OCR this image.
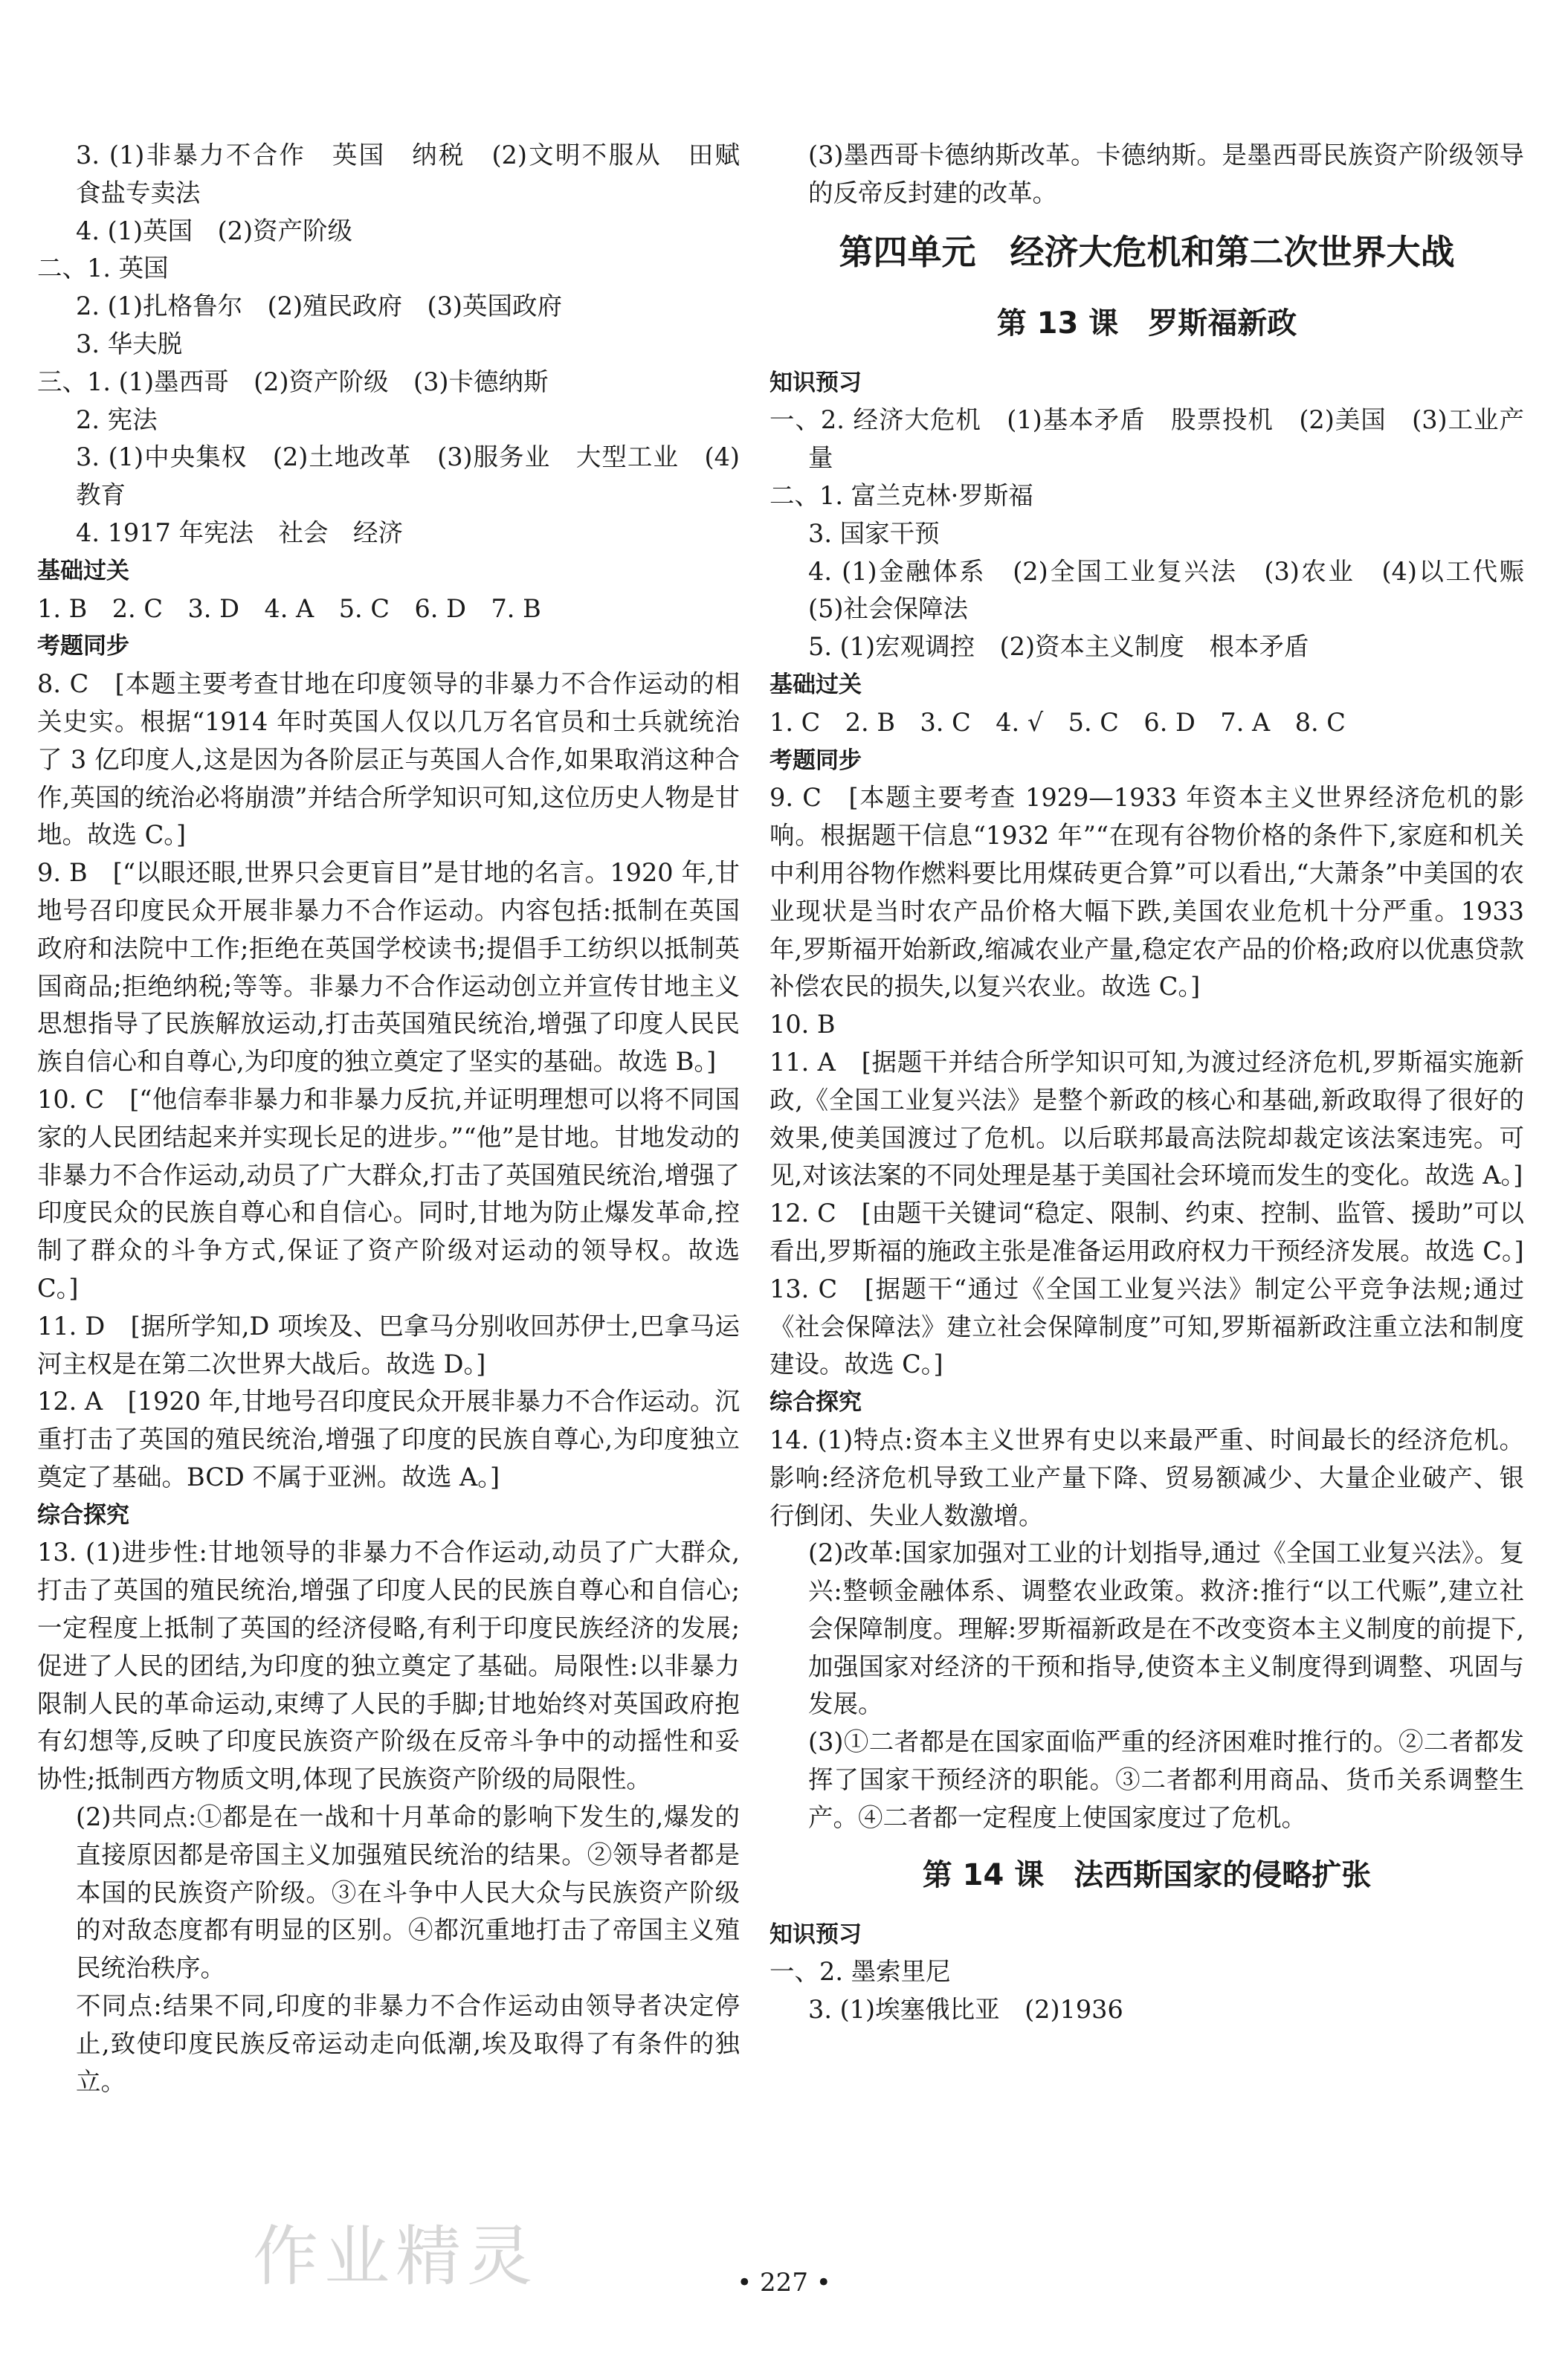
3. (1)非暴力不合作　英国　纳税　(2)文明不服从　田赋　食盐专卖法

4. (1)英国　(2)资产阶级

二、1. 英国

2. (1)扎格鲁尔　(2)殖民政府　(3)英国政府

3. 华夫脱

三、1. (1)墨西哥　(2)资产阶级　(3)卡德纳斯

2. 宪法

3. (1)中央集权　(2)土地改革　(3)服务业　大型工业　(4)教育

4. 1917 年宪法　社会　经济

基础过关

1. B　2. C　3. D　4. A　5. C　6. D　7. B

考题同步

8. C　[本题主要考查甘地在印度领导的非暴力不合作运动的相关史实。根据“1914 年时英国人仅以几万名官员和士兵就统治了 3 亿印度人,这是因为各阶层正与英国人合作,如果取消这种合作,英国的统治必将崩溃”并结合所学知识可知,这位历史人物是甘地。故选 C。]

9. B　[“以眼还眼,世界只会更盲目”是甘地的名言。1920 年,甘地号召印度民众开展非暴力不合作运动。内容包括:抵制在英国政府和法院中工作;拒绝在英国学校读书;提倡手工纺织以抵制英国商品;拒绝纳税;等等。非暴力不合作运动创立并宣传甘地主义思想指导了民族解放运动,打击英国殖民统治,增强了印度人民民族自信心和自尊心,为印度的独立奠定了坚实的基础。故选 B。]

10. C　[“他信奉非暴力和非暴力反抗,并证明理想可以将不同国家的人民团结起来并实现长足的进步。”“他”是甘地。甘地发动的非暴力不合作运动,动员了广大群众,打击了英国殖民统治,增强了印度民众的民族自尊心和自信心。同时,甘地为防止爆发革命,控制了群众的斗争方式,保证了资产阶级对运动的领导权。故选 C。]

11. D　[据所学知,D 项埃及、巴拿马分别收回苏伊士,巴拿马运河主权是在第二次世界大战后。故选 D。]

12. A　[1920 年,甘地号召印度民众开展非暴力不合作运动。沉重打击了英国的殖民统治,增强了印度的民族自尊心,为印度独立奠定了基础。BCD 不属于亚洲。故选 A。]

综合探究

13. (1)进步性:甘地领导的非暴力不合作运动,动员了广大群众,打击了英国的殖民统治,增强了印度人民的民族自尊心和自信心;一定程度上抵制了英国的经济侵略,有利于印度民族经济的发展;促进了人民的团结,为印度的独立奠定了基础。局限性:以非暴力限制人民的革命运动,束缚了人民的手脚;甘地始终对英国政府抱有幻想等,反映了印度民族资产阶级在反帝斗争中的动摇性和妥协性;抵制西方物质文明,体现了民族资产阶级的局限性。

(2)共同点:①都是在一战和十月革命的影响下发生的,爆发的直接原因都是帝国主义加强殖民统治的结果。②领导者都是本国的民族资产阶级。③在斗争中人民大众与民族资产阶级的对敌态度都有明显的区别。④都沉重地打击了帝国主义殖民统治秩序。

不同点:结果不同,印度的非暴力不合作运动由领导者决定停止,致使印度民族反帝运动走向低潮,埃及取得了有条件的独立。

(3)墨西哥卡德纳斯改革。卡德纳斯。是墨西哥民族资产阶级领导的反帝反封建的改革。

第四单元　经济大危机和第二次世界大战

第 13 课　罗斯福新政

知识预习

一、2. 经济大危机　(1)基本矛盾　股票投机　(2)美国　(3)工业产量

二、1. 富兰克林·罗斯福

3. 国家干预

4. (1)金融体系　(2)全国工业复兴法　(3)农业　(4)以工代赈　(5)社会保障法

5. (1)宏观调控　(2)资本主义制度　根本矛盾

基础过关

1. C　2. B　3. C　4. √　5. C　6. D　7. A　8. C

考题同步

9. C　[本题主要考查 1929—1933 年资本主义世界经济危机的影响。根据题干信息“1932 年”“在现有谷物价格的条件下,家庭和机关中利用谷物作燃料要比用煤砖更合算”可以看出,“大萧条”中美国的农业现状是当时农产品价格大幅下跌,美国农业危机十分严重。1933 年,罗斯福开始新政,缩减农业产量,稳定农产品的价格;政府以优惠贷款补偿农民的损失,以复兴农业。故选 C。]

10. B

11. A　[据题干并结合所学知识可知,为渡过经济危机,罗斯福实施新政,《全国工业复兴法》是整个新政的核心和基础,新政取得了很好的效果,使美国渡过了危机。以后联邦最高法院却裁定该法案违宪。可见,对该法案的不同处理是基于美国社会环境而发生的变化。故选 A。]

12. C　[由题干关键词“稳定、限制、约束、控制、监管、援助”可以看出,罗斯福的施政主张是准备运用政府权力干预经济发展。故选 C。]

13. C　[据题干“通过《全国工业复兴法》制定公平竞争法规;通过《社会保障法》建立社会保障制度”可知,罗斯福新政注重立法和制度建设。故选 C。]

综合探究

14. (1)特点:资本主义世界有史以来最严重、时间最长的经济危机。影响:经济危机导致工业产量下降、贸易额减少、大量企业破产、银行倒闭、失业人数激增。

(2)改革:国家加强对工业的计划指导,通过《全国工业复兴法》。复兴:整顿金融体系、调整农业政策。救济:推行“以工代赈”,建立社会保障制度。理解:罗斯福新政是在不改变资本主义制度的前提下,加强国家对经济的干预和指导,使资本主义制度得到调整、巩固与发展。

(3)①二者都是在国家面临严重的经济困难时推行的。②二者都发挥了国家干预经济的职能。③二者都利用商品、货币关系调整生产。④二者都一定程度上使国家度过了危机。

第 14 课　法西斯国家的侵略扩张

知识预习

一、2. 墨索里尼

3. (1)埃塞俄比亚　(2)1936

作业精灵	• 227 •
